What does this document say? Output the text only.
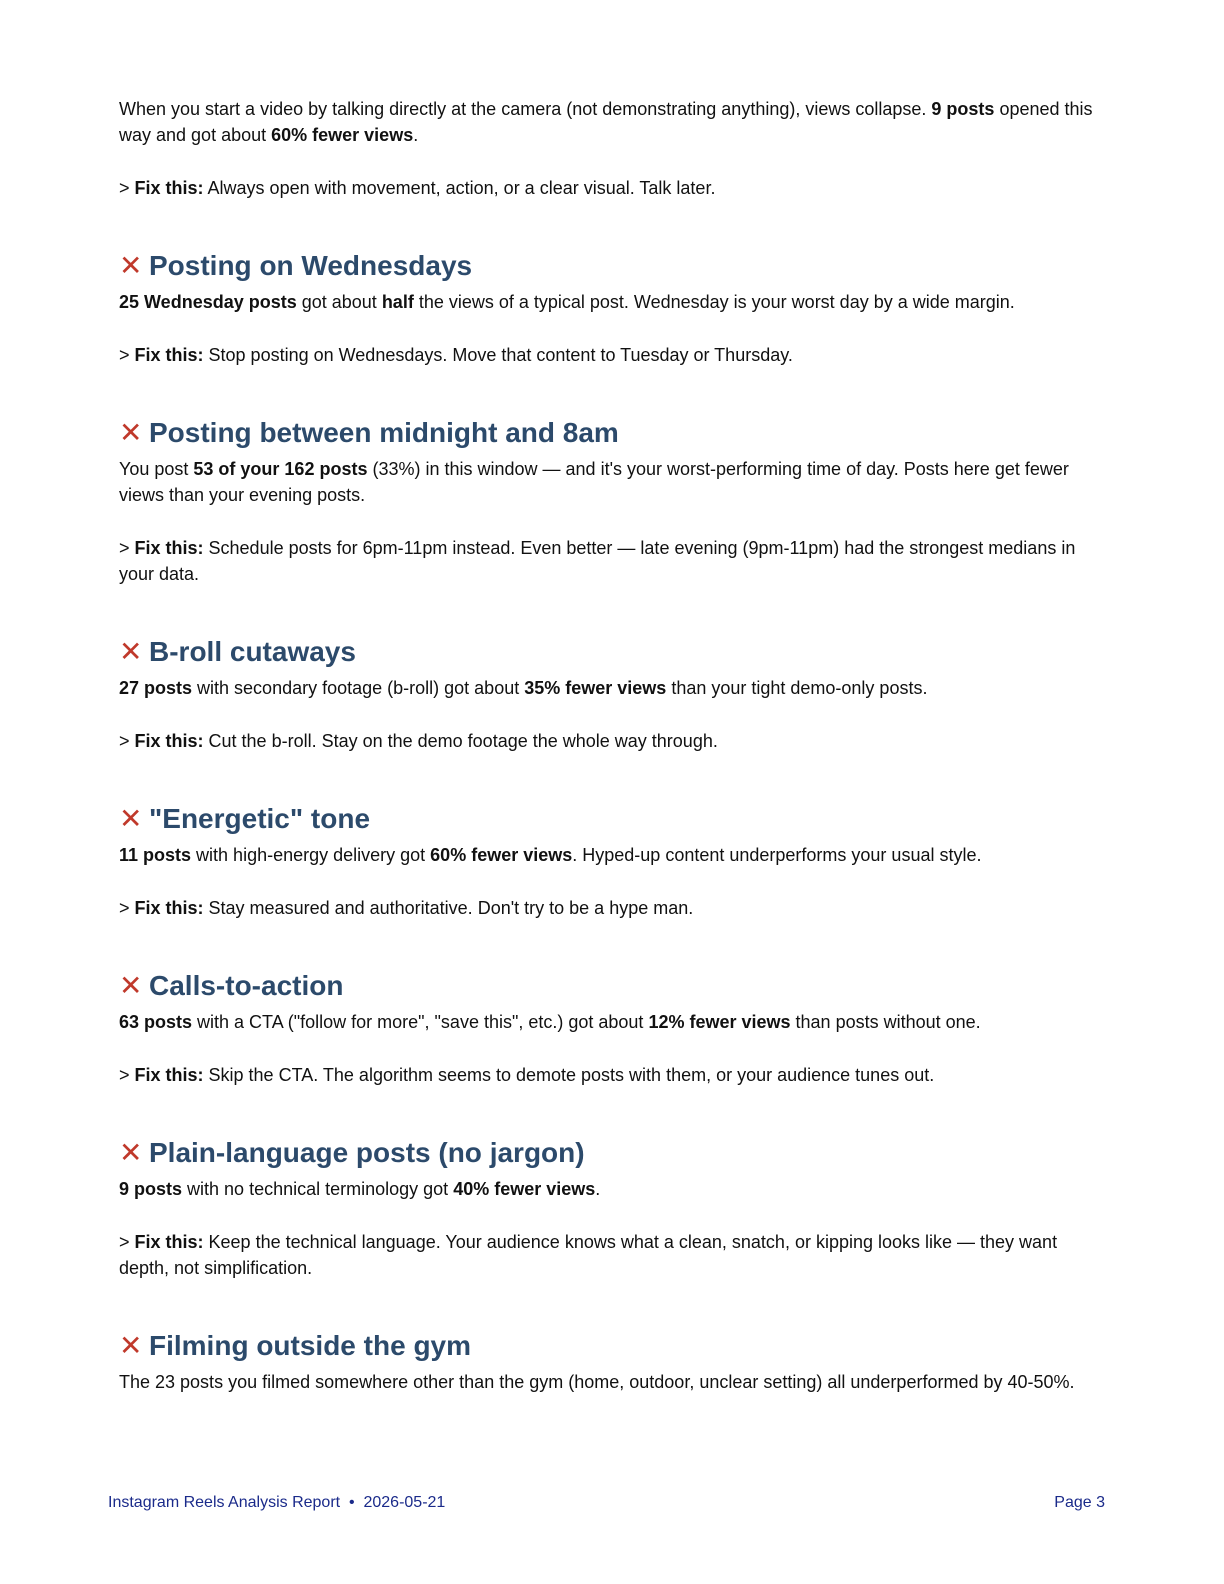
When you start a video by talking directly at the camera (not demonstrating anything), views collapse. 9 posts opened this way and got about 60% fewer views.

> Fix this: Always open with movement, action, or a clear visual. Talk later.

✕ Posting on Wednesdays

25 Wednesday posts got about half the views of a typical post. Wednesday is your worst day by a wide margin.

> Fix this: Stop posting on Wednesdays. Move that content to Tuesday or Thursday.

✕ Posting between midnight and 8am

You post 53 of your 162 posts (33%) in this window — and it's your worst-performing time of day. Posts here get fewer views than your evening posts.

> Fix this: Schedule posts for 6pm-11pm instead. Even better — late evening (9pm-11pm) had the strongest medians in your data.

✕ B-roll cutaways

27 posts with secondary footage (b-roll) got about 35% fewer views than your tight demo-only posts.

> Fix this: Cut the b-roll. Stay on the demo footage the whole way through.

✕ "Energetic" tone

11 posts with high-energy delivery got 60% fewer views. Hyped-up content underperforms your usual style.

> Fix this: Stay measured and authoritative. Don't try to be a hype man.

✕ Calls-to-action

63 posts with a CTA ("follow for more", "save this", etc.) got about 12% fewer views than posts without one.

> Fix this: Skip the CTA. The algorithm seems to demote posts with them, or your audience tunes out.

✕ Plain-language posts (no jargon)

9 posts with no technical terminology got 40% fewer views.

> Fix this: Keep the technical language. Your audience knows what a clean, snatch, or kipping looks like — they want depth, not simplification.

✕ Filming outside the gym

The 23 posts you filmed somewhere other than the gym (home, outdoor, unclear setting) all underperformed by 40-50%.

Instagram Reels Analysis Report  •  2026-05-21	Page 3
